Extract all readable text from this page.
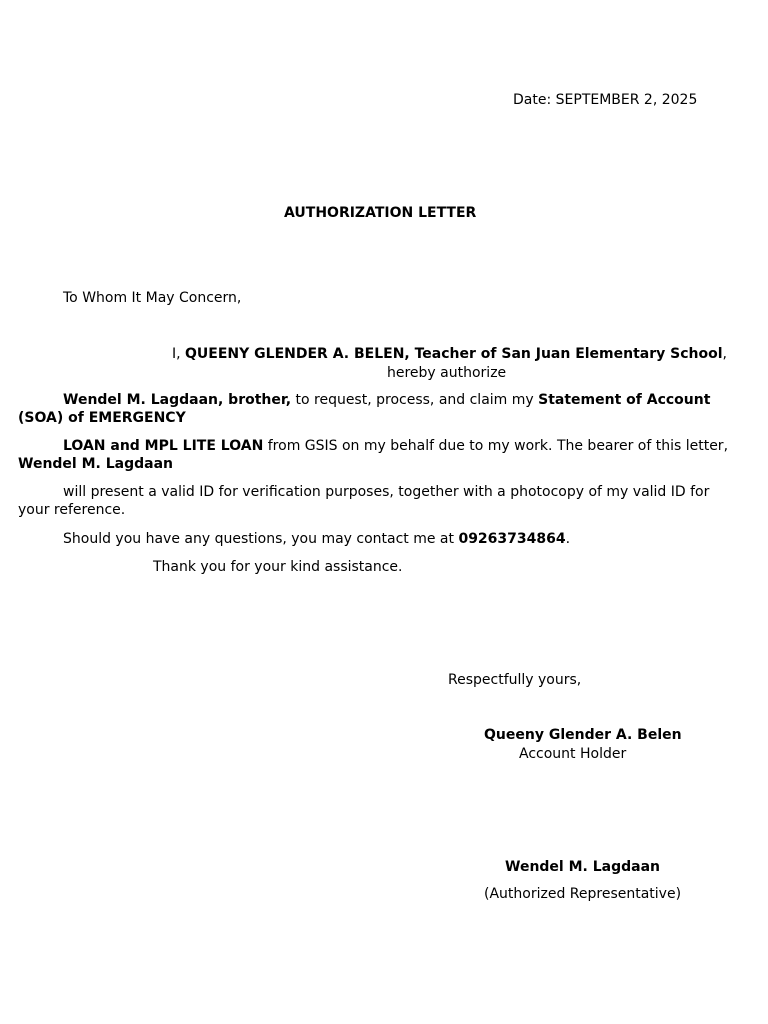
Date: SEPTEMBER 2, 2025
AUTHORIZATION LETTER
To Whom It May Concern,
I, QUEENY GLENDER A. BELEN, Teacher of San Juan Elementary School,
hereby authorize
Wendel M. Lagdaan, brother, to request, process, and claim my Statement of Account (SOA) of EMERGENCY
LOAN and MPL LITE LOAN from GSIS on my behalf due to my work. The bearer of this letter, Wendel M. Lagdaan
will present a valid ID for verification purposes, together with a photocopy of my valid ID for your reference.
Should you have any questions, you may contact me at 09263734864.
Thank you for your kind assistance.
Respectfully yours,
Queeny Glender A. Belen
Account Holder
Wendel M. Lagdaan
(Authorized Representative)
